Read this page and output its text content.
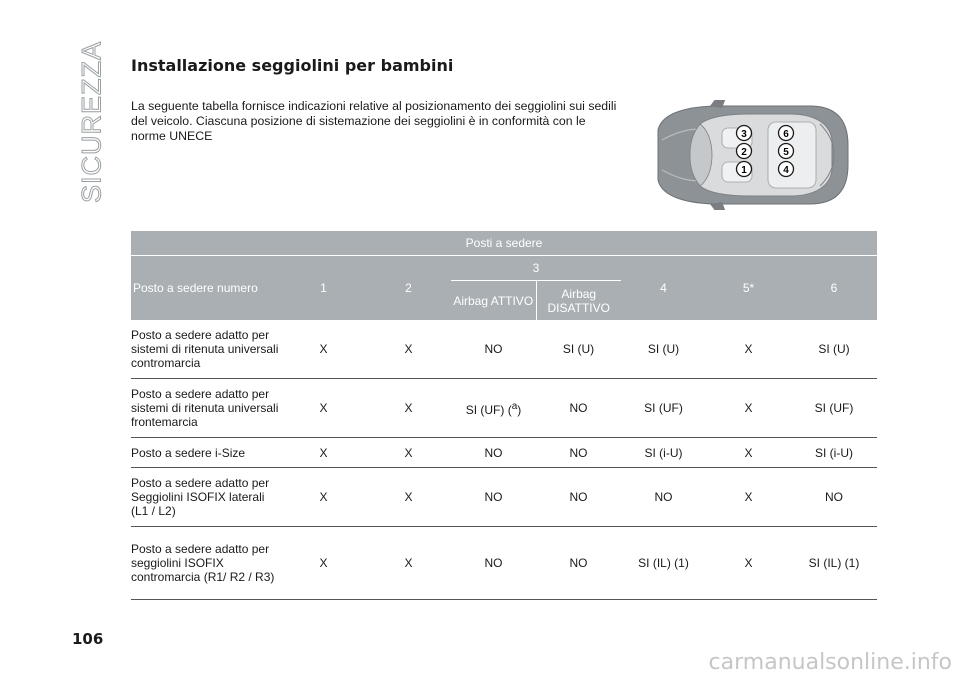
SICUREZZA	Installazione seggiolini per bambini
La seguente tabella fornisce indicazioni relative al posizionamento dei seggiolini sui sedili del veicolo. Ciascuna posizione di sistemazione dei seggiolini è in conformità con le norme UNECE	3
2
1
6
5
4
Posti a sedere							
Posto a sedere numero	1	2	3		4	5*	6
			Airbag ATTIVO	Airbag DISATTIVO			
Posto a sedere adatto per sistemi di ritenuta universali contromarcia	X	X	NO	SI (U)	SI (U)	X	SI (U)
Posto a sedere adatto per sistemi di ritenuta universali frontemarcia	X	X	SI (UF) ($^a$)	NO	SI (UF)	X	SI (UF)
Posto a sedere i-Size	X	X	NO	NO	SI (i-U)	X	SI (i-U)
Posto a sedere adatto per Seggiolini ISOFIX laterali (L1 / L2)	X	X	NO	NO	NO	X	NO
Posto a sedere adatto per seggiolini ISOFIX contromarcia (R1/ R2 / R3)	X	X	NO	NO	SI (IL) (1)	X	SI (IL) (1)
106
carmanualsonline.info
